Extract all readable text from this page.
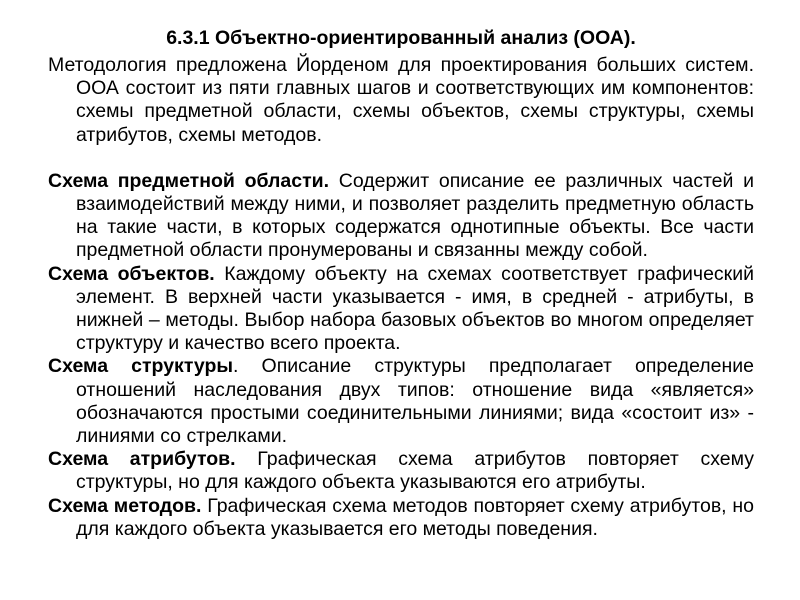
6.3.1 Объектно-ориентированный анализ (ООА).

Методология предложена Йорденом для проектирования больших систем. ООА состоит из пяти главных шагов и соответствующих им компонентов: схемы предметной области, схемы объектов, схемы структуры, схемы атрибутов, схемы методов.

Схема предметной области. Содержит описание ее различных частей и взаимодействий между ними, и позволяет разделить предметную область на такие части, в которых содержатся однотипные объекты. Все части предметной области пронумерованы и связанны между собой.

Схема объектов. Каждому объекту на схемах соответствует графический элемент. В верхней части указывается - имя, в средней - атрибуты, в нижней – методы. Выбор набора базовых объектов во многом определяет структуру и качество всего проекта.

Схема структуры. Описание структуры предполагает определение отношений наследования двух типов: отношение вида «является» обозначаются простыми соединительными линиями; вида «состоит из» - линиями со стрелками.

Схема атрибутов. Графическая схема атрибутов повторяет схему структуры, но для каждого объекта указываются его атрибуты.

Схема методов. Графическая схема методов повторяет схему атрибутов, но для каждого объекта указывается его методы поведения.
